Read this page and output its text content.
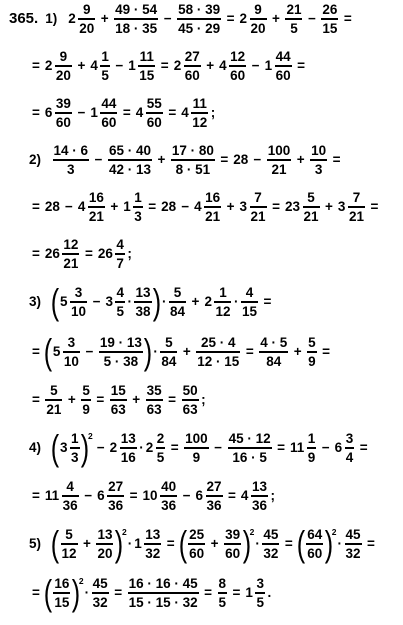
365. 1) $2 \frac{9}{20} + \frac{49 \cdot 54}{18 \cdot 35} - \frac{58 \cdot 39}{45 \cdot 29} = 2 \frac{9}{20} + \frac{21}{5} - \frac{26}{15}$ =
= $2 \frac{9}{20} + 4 \frac{1}{5} - 1 \frac{11}{15} = 2 \frac{27}{60} + 4 \frac{12}{60} - 1 \frac{44}{60}$ =
= $6 \frac{39}{60} - 1 \frac{44}{60} = 4 \frac{55}{60} = 4 \frac{11}{12}$ ;
$2) \frac{14 \cdot 6}{3} - \frac{65 \cdot 40}{42 \cdot 13} + \frac{17 \cdot 80}{8 \cdot 51} = 28 - \frac{100}{21} + \frac{10}{3}$ =
= $28 - 4 \frac{16}{21} + 1 \frac{1}{3} = 28 - 4 \frac{16}{21} + 3 \frac{7}{21} = 23 \frac{5}{21} + 3 \frac{7}{21}$ =
= $26 \frac{12}{21} = 26 \frac{4}{7}$ ;
3) ( $5 \frac{3}{10} - 3 \frac{4}{5} \cdot \frac{13}{38}$ ) · $\frac{5}{84} + 2 \frac{1}{12} \cdot \frac{4}{15}$ =
= ( $5 \frac{3}{10} - \frac{19 \cdot 13}{5 \cdot 38}$ ) · $\frac{5}{84} + \frac{25 \cdot 4}{12 \cdot 15} = \frac{4 \cdot 5}{84} + \frac{5}{9}$ =
= $\frac{5}{21} + \frac{5}{9} = \frac{15}{63} + \frac{35}{63} = \frac{50}{63}$ ;
4) ( $3 \frac{1}{3}$ )
2
− $2 \frac{13}{16} \cdot 2 \frac{2}{5} = \frac{100}{9} - \frac{45 \cdot 12}{16 \cdot 5} = 11 \frac{1}{9} - 6 \frac{3}{4}$ =
= $11 \frac{4}{36} - 6 \frac{27}{36} = 10 \frac{40}{36} - 6 \frac{27}{36} = 4 \frac{13}{36}$ ;
5) ( $\frac{5}{12} + \frac{13}{20}$ )
2
· $1 \frac{13}{32}$ = ( $\frac{25}{60} + \frac{39}{60}$ )
2
· $\frac{45}{32}$ = ( $\frac{64}{60}$ )
2
· $\frac{45}{32}$ =
= ( $\frac{16}{15}$ )
2
· $\frac{45}{32} = \frac{16 \cdot 16 \cdot 45}{15 \cdot 15 \cdot 32} = \frac{8}{5} = 1 \frac{3}{5}$ .
